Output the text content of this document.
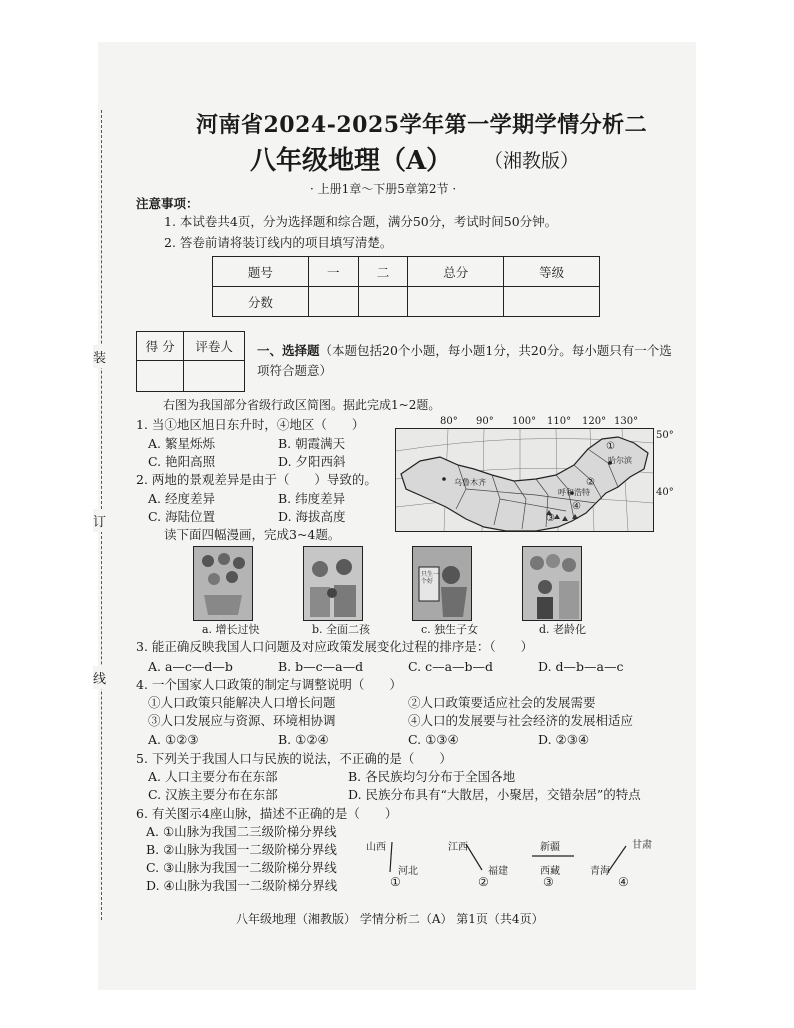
装
订
线
河南省2024-2025学年第一学期学情分析二
八年级地理（A） （湘教版）
· 上册1章～下册5章第2节 ·
注意事项：
1. 本试卷共4页，分为选择题和综合题，满分50分，考试时间50分钟。
2. 答卷前请将装订线内的项目填写清楚。
题号	一	二	总分	等级
分数				
得 分	评卷人
	一、选择题（本题包括20个小题，每小题1分，共20分。每小题只有一个选
项符合题意）
右图为我国部分省级行政区简图。据此完成1~2题。
1. 当①地区旭日东升时，④地区（　　）
A. 繁星烁烁	B. 朝霞满天
C. 艳阳高照	D. 夕阳西斜
2. 两地的景观差异是由于（　　）导致的。
A. 经度差异	B. 纬度差异
C. 海陆位置	D. 海拔高度
80° 90° 100° 110° 120° 130°
50°
40°
乌鲁木齐
哈尔滨
呼和浩特
①
②
③
④
读下面四幅漫画，完成3~4题。
只生一个好
a. 增长过快	b. 全面二孩	c. 独生子女	d. 老龄化
3. 能正确反映我国人口问题及对应政策发展变化过程的排序是：（　　）
A. a—c—d—b	B. b—c—a—d	C. c—a—b—d	D. d—b—a—c
4. 一个国家人口政策的制定与调整说明（　　）
①人口政策只能解决人口增长问题	②人口政策要适应社会的发展需要
③人口发展应与资源、环境相协调	④人口的发展要与社会经济的发展相适应
A. ①②③	B. ①②④	C. ①③④	D. ②③④
5. 下列关于我国人口与民族的说法，不正确的是（　　）
A. 人口主要分布在东部	B. 各民族均匀分布于全国各地
C. 汉族主要分布在东部	D. 民族分布具有“大散居，小聚居，交错杂居”的特点
6. 有关图示4座山脉，描述不正确的是（　　）
A. ①山脉为我国二三级阶梯分界线
B. ②山脉为我国一二级阶梯分界线
C. ③山脉为我国一二级阶梯分界线
D. ④山脉为我国一二级阶梯分界线
山西
河北
①
江西
福建
②
新疆
西藏
③
甘肃
青海
④
八年级地理（湘教版） 学情分析二（A） 第1页（共4页）
